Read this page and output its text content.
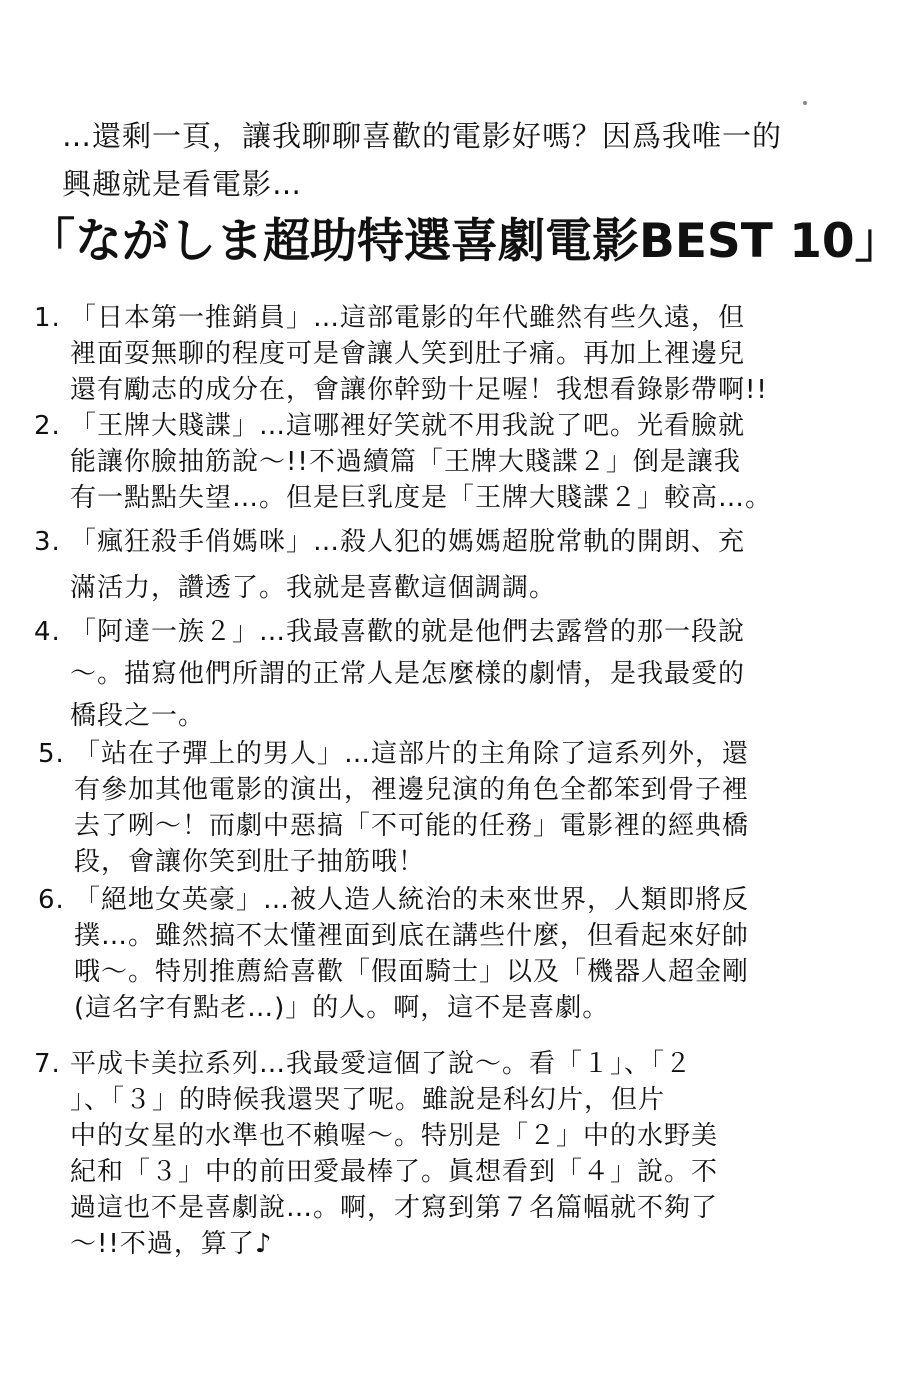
…還剩一頁，讓我聊聊喜歡的電影好嗎？因爲我唯一的
興趣就是看電影…

「ながしま超助特選喜劇電影BEST 10」
1. 「日本第一推銷員」…這部電影的年代雖然有些久遠，但
裡面耍無聊的程度可是會讓人笑到肚子痛。再加上裡邊兒
還有勵志的成分在，會讓你幹勁十足喔！我想看錄影帶啊!!
2. 「王牌大賤諜」…這哪裡好笑就不用我說了吧。光看臉就
能讓你臉抽筋說～!!不過續篇「王牌大賤諜２」倒是讓我
有一點點失望…。但是巨乳度是「王牌大賤諜２」較高…。
3. 「瘋狂殺手俏媽咪」…殺人犯的媽媽超脫常軌的開朗、充
滿活力，讚透了。我就是喜歡這個調調。
4. 「阿達一族２」…我最喜歡的就是他們去露營的那一段說
～。描寫他們所謂的正常人是怎麼樣的劇情，是我最愛的
橋段之一。
5. 「站在子彈上的男人」…這部片的主角除了這系列外，還
有參加其他電影的演出，裡邊兒演的角色全都笨到骨子裡
去了咧～！而劇中惡搞「不可能的任務」電影裡的經典橋
段，會讓你笑到肚子抽筋哦！
6. 「絕地女英豪」…被人造人統治的未來世界，人類即將反
撲…。雖然搞不太懂裡面到底在講些什麼，但看起來好帥
哦～。特別推薦給喜歡「假面騎士」以及「機器人超金剛
(這名字有點老…)」的人。啊，這不是喜劇。
7. 平成卡美拉系列…我最愛這個了說～。看「１」、「２
」、「３」的時候我還哭了呢。雖說是科幻片，但片
中的女星的水準也不賴喔～。特別是「２」中的水野美
紀和「３」中的前田愛最棒了。眞想看到「４」說。不
過這也不是喜劇說…。啊，才寫到第７名篇幅就不夠了
～!!不過，算了♪
